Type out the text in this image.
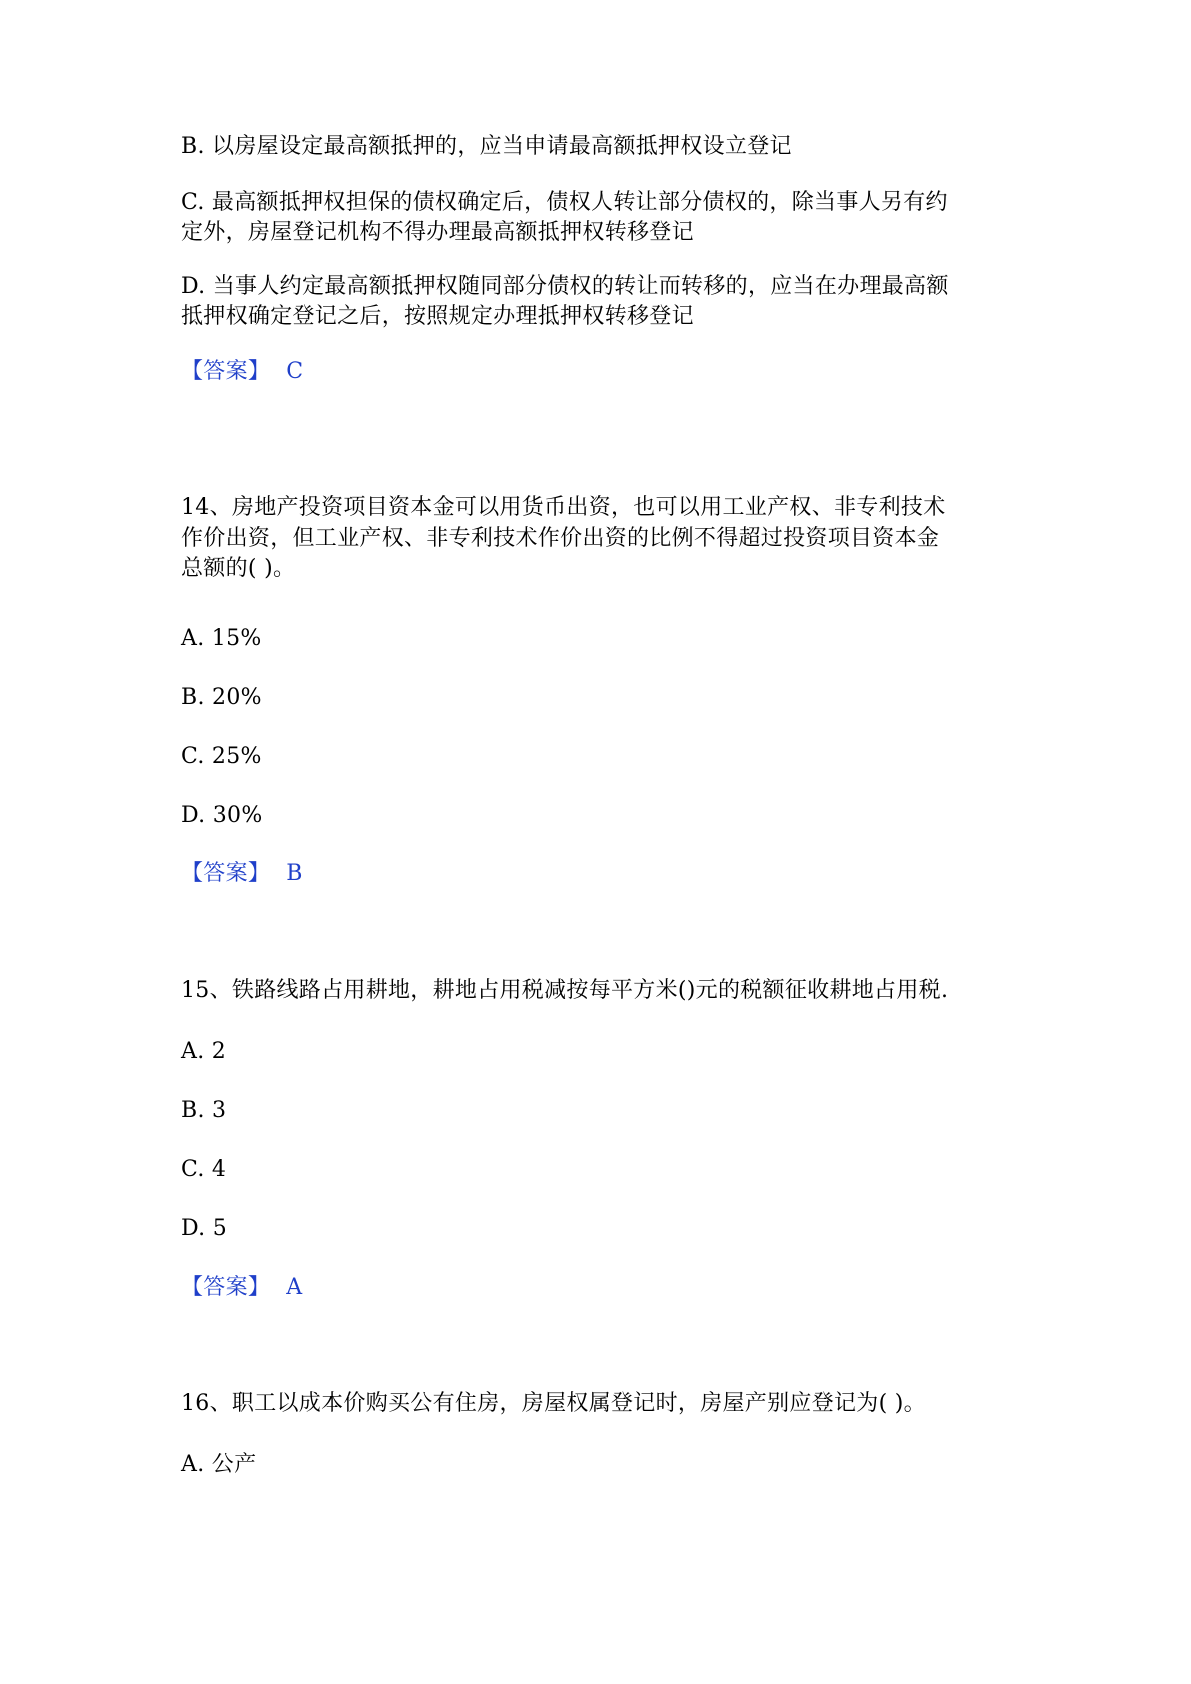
B. 以房屋设定最高额抵押的，应当申请最高额抵押权设立登记
C. 最高额抵押权担保的债权确定后，债权人转让部分债权的，除当事人另有约
定外，房屋登记机构不得办理最高额抵押权转移登记
D. 当事人约定最高额抵押权随同部分债权的转让而转移的，应当在办理最高额
抵押权确定登记之后，按照规定办理抵押权转移登记
【答案】 C
14、房地产投资项目资本金可以用货币出资，也可以用工业产权、非专利技术
作价出资，但工业产权、非专利技术作价出资的比例不得超过投资项目资本金
总额的( )。
A. 15%
B. 20%
C. 25%
D. 30%
【答案】 B
15、铁路线路占用耕地，耕地占用税减按每平方米()元的税额征收耕地占用税.
A. 2
B. 3
C. 4
D. 5
【答案】 A
16、职工以成本价购买公有住房，房屋权属登记时，房屋产别应登记为( )。
A. 公产
